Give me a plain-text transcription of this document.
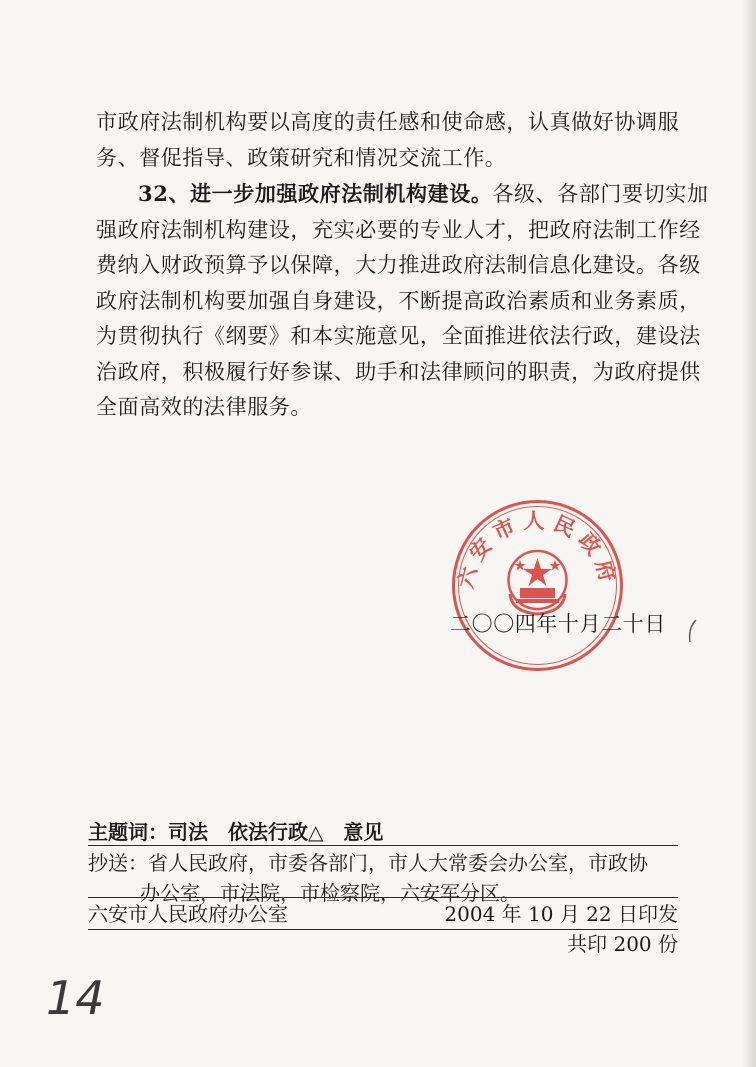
市政府法制机构要以高度的责任感和使命感，认真做好协调服
务、督促指导、政策研究和情况交流工作。
32、进一步加强政府法制机构建设。各级、各部门要切实加
强政府法制机构建设，充实必要的专业人才，把政府法制工作经
费纳入财政预算予以保障，大力推进政府法制信息化建设。各级
政府法制机构要加强自身建设，不断提高政治素质和业务素质，
为贯彻执行《纲要》和本实施意见，全面推进依法行政，建设法
治政府，积极履行好参谋、助手和法律顾问的职责，为政府提供
全面高效的法律服务。
六安市人民政府
二〇〇四年十月二十日
主题词：司法　依法行政△　意见
抄送：省人民政府，市委各部门，市人大常委会办公室，市政协
办公室，市法院，市检察院，六安军分区。
六安市人民政府办公室	2004 年 10 月 22 日印发
共印 200 份
14
